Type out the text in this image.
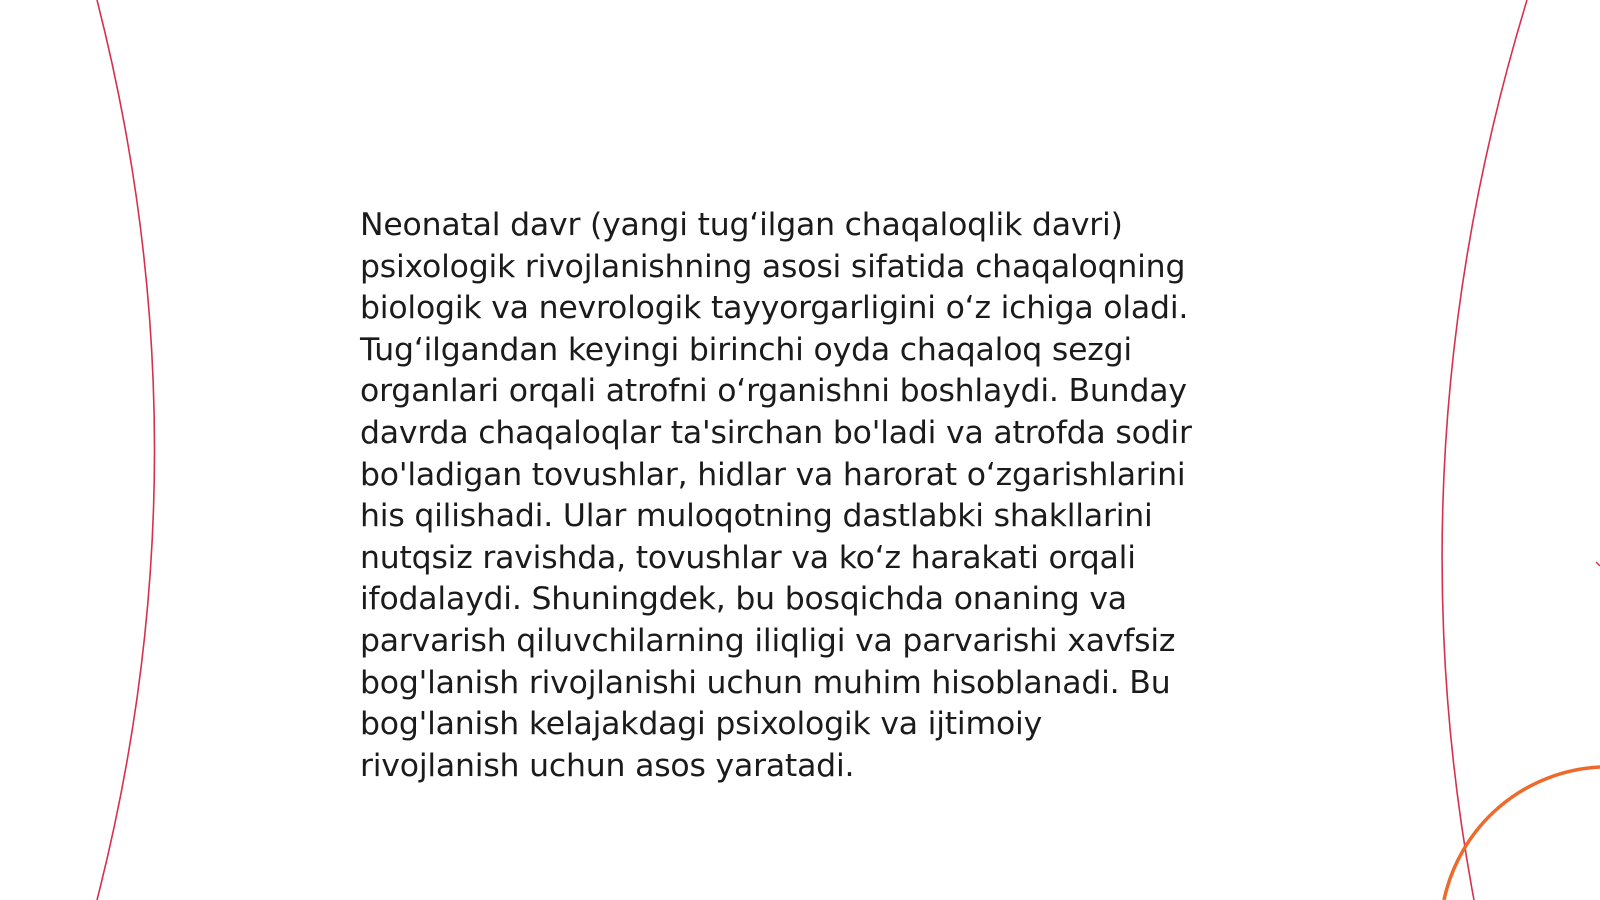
Neonatal davr (yangi tug‘ilgan chaqaloqlik davri)
psixologik rivojlanishning asosi sifatida chaqaloqning
biologik va nevrologik tayyorgarligini o‘z ichiga oladi.
Tug‘ilgandan keyingi birinchi oyda chaqaloq sezgi
organlari orqali atrofni o‘rganishni boshlaydi. Bunday
davrda chaqaloqlar ta'sirchan bo'ladi va atrofda sodir
bo'ladigan tovushlar, hidlar va harorat o‘zgarishlarini
his qilishadi. Ular muloqotning dastlabki shakllarini
nutqsiz ravishda, tovushlar va ko‘z harakati orqali
ifodalaydi. Shuningdek, bu bosqichda onaning va
parvarish qiluvchilarning iliqligi va parvarishi xavfsiz
bog'lanish rivojlanishi uchun muhim hisoblanadi. Bu
bog'lanish kelajakdagi psixologik va ijtimoiy
rivojlanish uchun asos yaratadi.
